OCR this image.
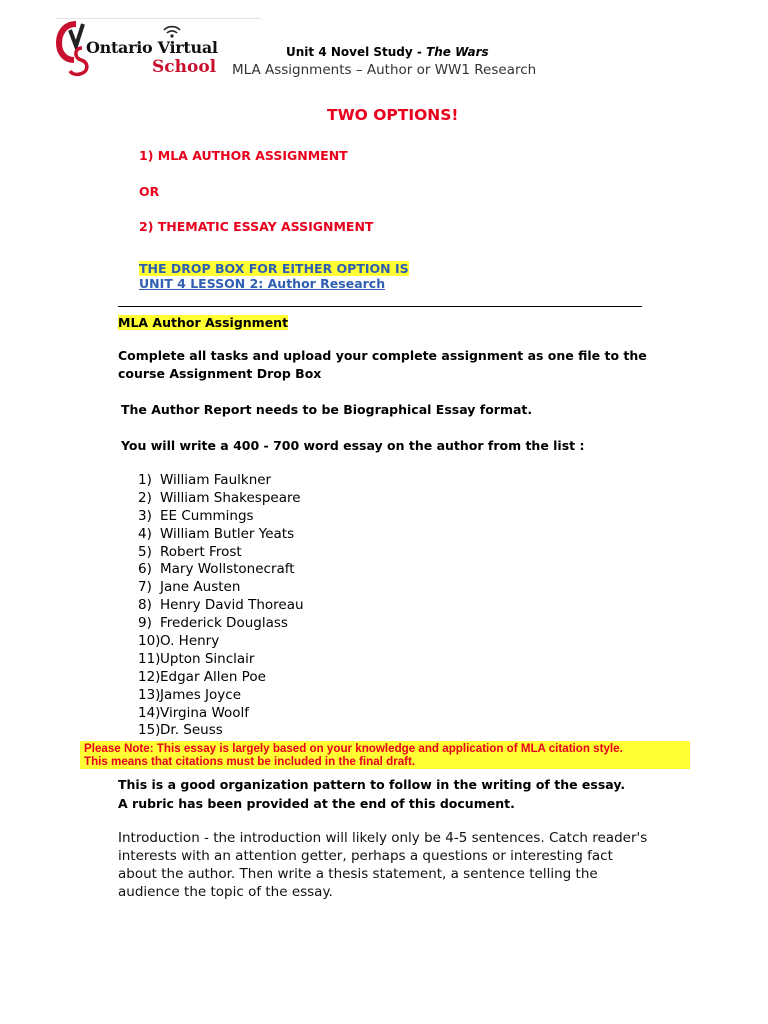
Ontario Virtual
School
Unit 4 Novel Study - The Wars
MLA Assignments – Author or WW1 Research
TWO OPTIONS!
1) MLA AUTHOR ASSIGNMENT
OR
2) THEMATIC ESSAY ASSIGNMENT
THE DROP BOX FOR EITHER OPTION IS
UNIT 4 LESSON 2: Author Research
MLA Author Assignment
Complete all tasks and upload your complete assignment as one file to the course Assignment Drop Box
The Author Report needs to be Biographical Essay format.
You will write a 400 - 700 word essay on the author from the list :
1) William Faulkner
2) William Shakespeare
3) EE Cummings
4) William Butler Yeats
5) Robert Frost
6) Mary Wollstonecraft
7) Jane Austen
8) Henry David Thoreau
9) Frederick Douglass
10)O. Henry
11)Upton Sinclair
12)Edgar Allen Poe
13)James Joyce
14)Virgina Woolf
15)Dr. Seuss
Please Note: This essay is largely based on your knowledge and application of MLA citation style.
This means that citations must be included in the final draft.
This is a good organization pattern to follow in the writing of the essay.
A rubric has been provided at the end of this document.
Introduction - the introduction will likely only be 4-5 sentences. Catch reader's interests with an attention getter, perhaps a questions or interesting fact about the author. Then write a thesis statement, a sentence telling the audience the topic of the essay.
